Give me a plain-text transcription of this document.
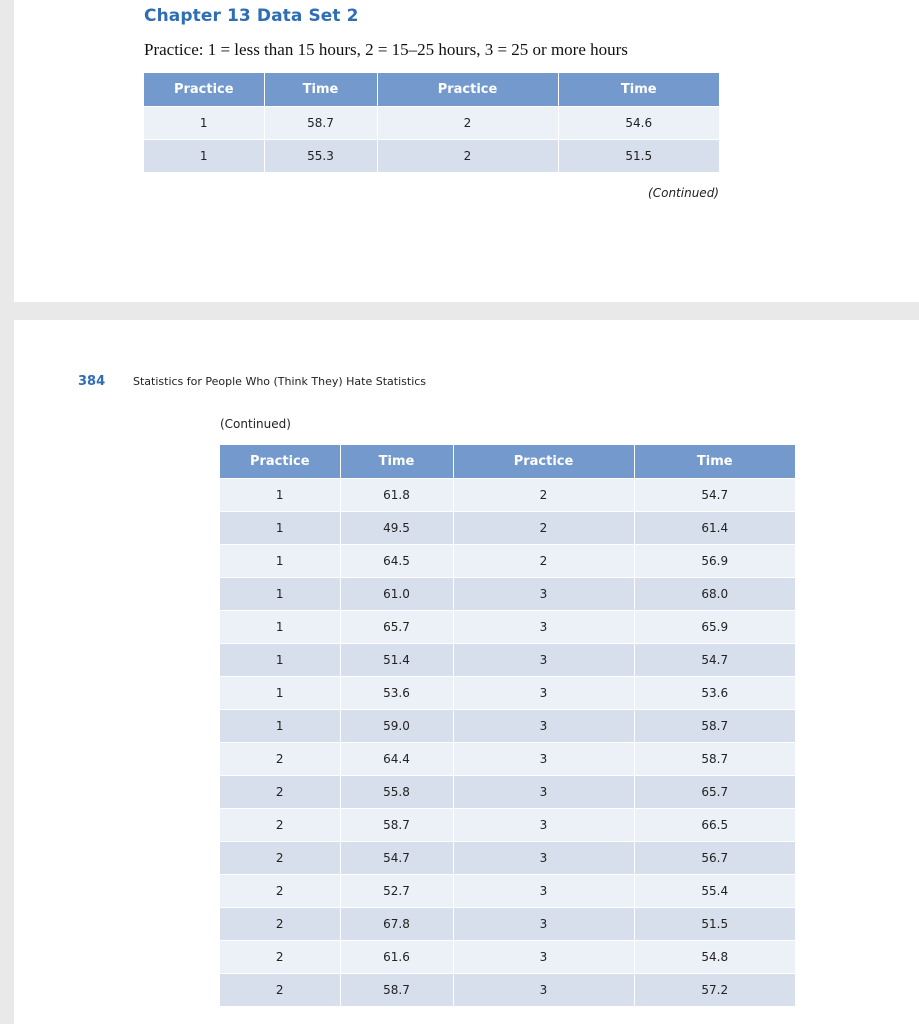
Chapter 13 Data Set 2

Practice: 1 = less than 15 hours, 2 = 15–25 hours, 3 = 25 or more hours

Practice	Time	Practice	Time
1	58.7	2	54.6
1	55.3	2	51.5
(Continued)
384	Statistics for People Who (Think They) Hate Statistics
(Continued)
Practice	Time	Practice	Time
1	61.8	2	54.7
1	49.5	2	61.4
1	64.5	2	56.9
1	61.0	3	68.0
1	65.7	3	65.9
1	51.4	3	54.7
1	53.6	3	53.6
1	59.0	3	58.7
2	64.4	3	58.7
2	55.8	3	65.7
2	58.7	3	66.5
2	54.7	3	56.7
2	52.7	3	55.4
2	67.8	3	51.5
2	61.6	3	54.8
2	58.7	3	57.2
